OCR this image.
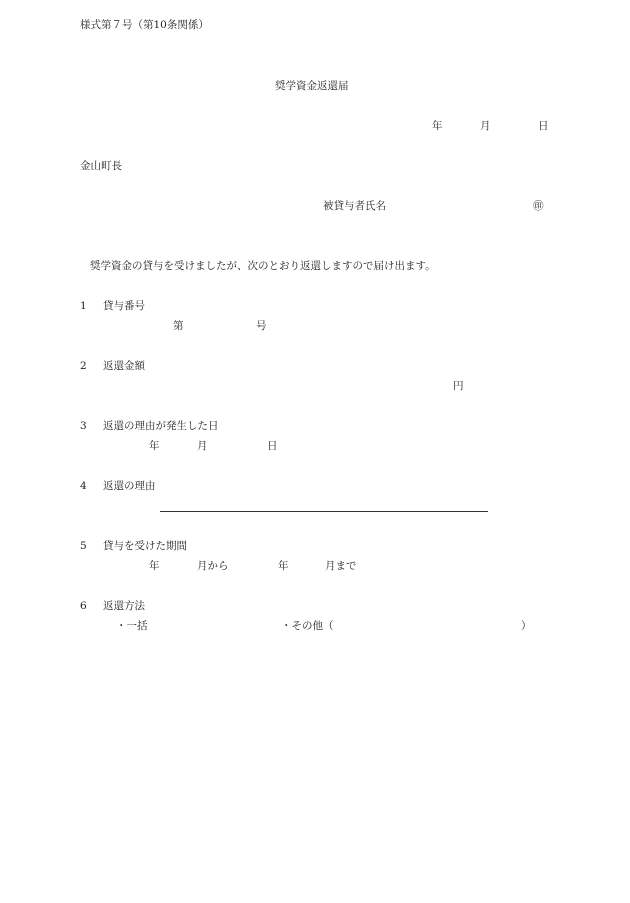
様式第７号（第10条関係）
奨学資金返還届
年	月	日
金山町長
被貸与者氏名	㊞
奨学資金の貸与を受けましたが、次のとおり返還しますので届け出ます。
1 貸与番号
第	号
2 返還金額
円
3 返還の理由が発生した日
年	月	日
4 返還の理由
5 貸与を受けた期間
年	月から	年	月まで
6 返還方法
・一括	・その他（	）
